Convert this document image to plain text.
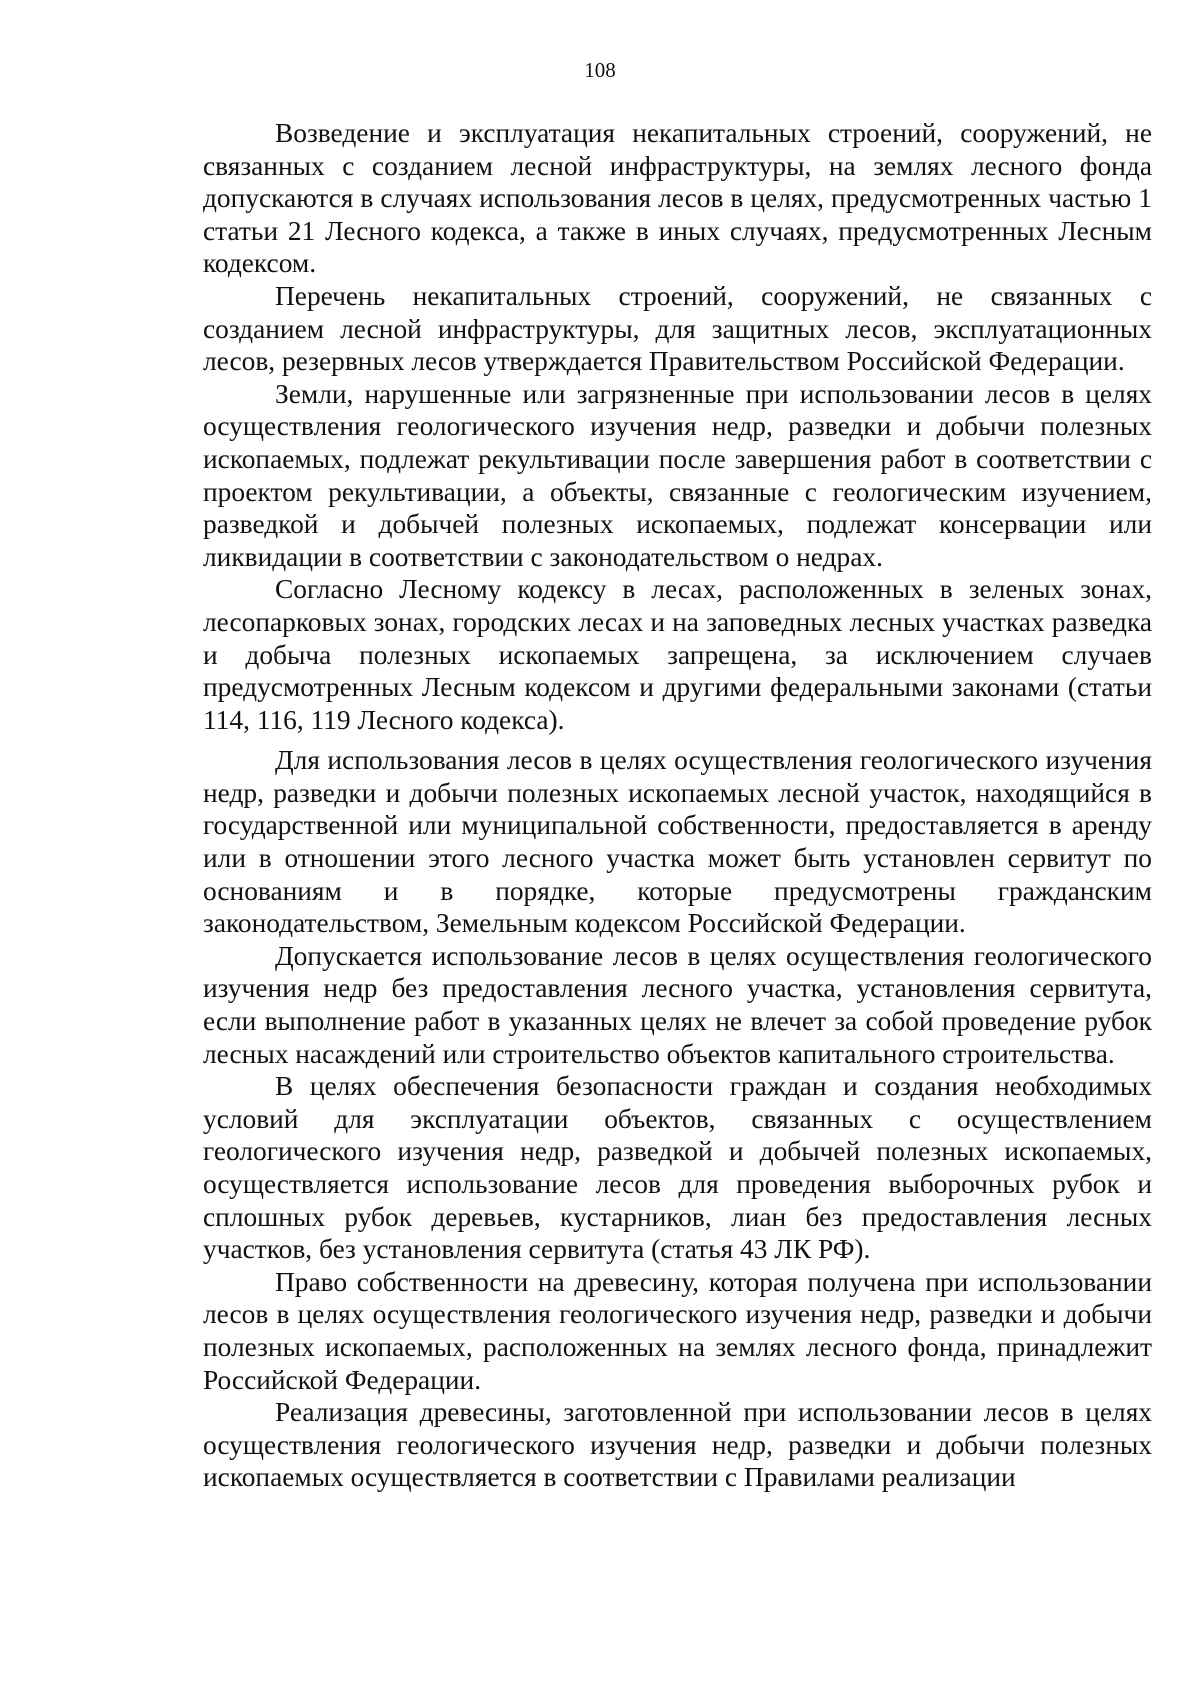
108

Возведение и эксплуатация некапитальных строений, сооружений, не связанных с созданием лесной инфраструктуры, на землях лесного фонда допускаются в случаях использования лесов в целях, предусмотренных частью 1 статьи 21 Лесного кодекса, а также в иных случаях, предусмотренных Лесным кодексом.

Перечень некапитальных строений, сооружений, не связанных с созданием лесной инфраструктуры, для защитных лесов, эксплуатационных лесов, резервных лесов утверждается Правительством Российской Федерации.

Земли, нарушенные или загрязненные при использовании лесов в целях осуществления геологического изучения недр, разведки и добычи полезных ископаемых, подлежат рекультивации после завершения работ в соответствии с проектом рекультивации, а объекты, связанные с геологическим изучением, разведкой и добычей полезных ископаемых, подлежат консервации или ликвидации в соответствии с законодательством о недрах.

Согласно Лесному кодексу в лесах, расположенных в зеленых зонах, лесопарковых зонах, городских лесах и на заповедных лесных участках разведка и добыча полезных ископаемых запрещена, за исключением случаев предусмотренных Лесным кодексом и другими федеральными законами (статьи 114, 116, 119 Лесного кодекса).

Для использования лесов в целях осуществления геологического изучения недр, разведки и добычи полезных ископаемых лесной участок, находящийся в государственной или муниципальной собственности, предоставляется в аренду или в отношении этого лесного участка может быть установлен сервитут по основаниям и в порядке, которые предусмотрены гражданским законодательством, Земельным кодексом Российской Федерации.

Допускается использование лесов в целях осуществления геологического изучения недр без предоставления лесного участка, установления сервитута, если выполнение работ в указанных целях не влечет за собой проведение рубок лесных насаждений или строительство объектов капитального строительства.

В целях обеспечения безопасности граждан и создания необходимых условий для эксплуатации объектов, связанных с осуществлением геологического изучения недр, разведкой и добычей полезных ископаемых, осуществляется использование лесов для проведения выборочных рубок и сплошных рубок деревьев, кустарников, лиан без предоставления лесных участков, без установления сервитута (статья 43 ЛК РФ).

Право собственности на древесину, которая получена при использовании лесов в целях осуществления геологического изучения недр, разведки и добычи полезных ископаемых, расположенных на землях лесного фонда, принадлежит Российской Федерации.

Реализация древесины, заготовленной при использовании лесов в целях осуществления геологического изучения недр, разведки и добычи полезных ископаемых осуществляется в соответствии с Правилами реализации
